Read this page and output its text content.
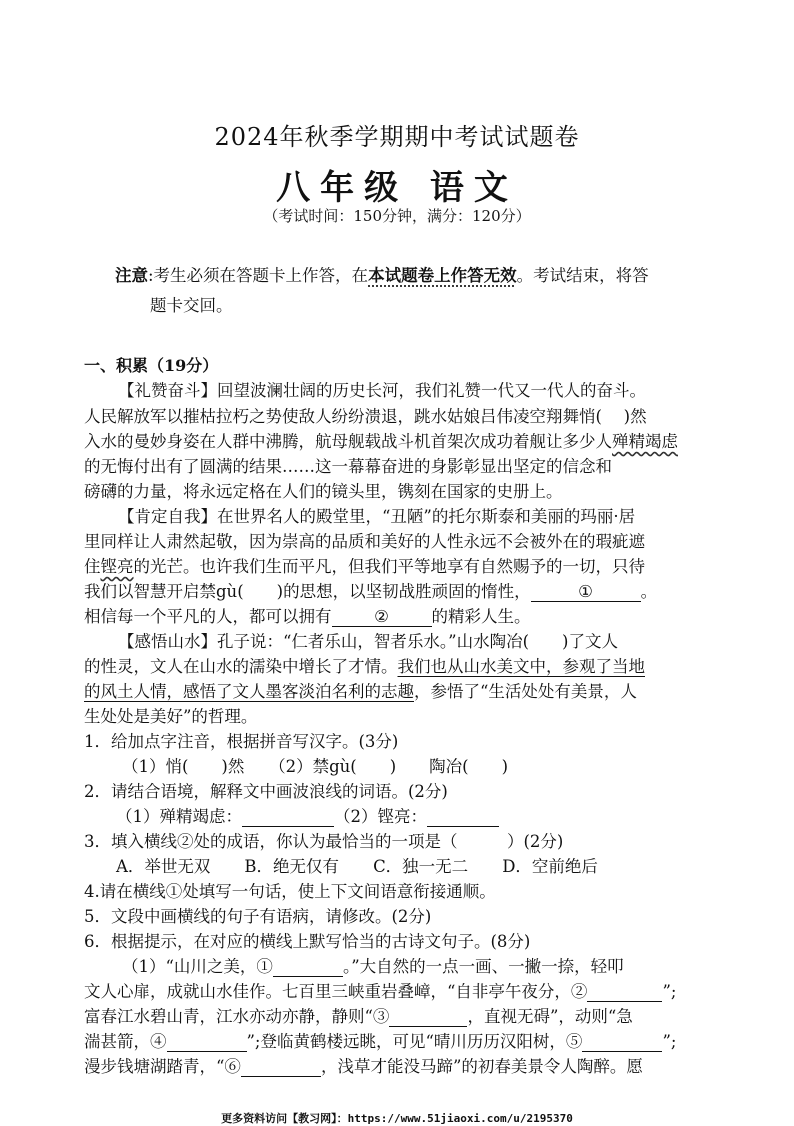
2024年秋季学期期中考试试题卷
八年级 语文
（考试时间：150分钟，满分：120分）
注意:考生必须在答题卡上作答，在本试题卷上作答无效。考试结束，将答
题卡交回。
一、积累（19分）
【礼赞奋斗】回望波澜壮阔的历史长河，我们礼赞一代又一代人的奋斗。
人民解放军以摧枯拉朽之势使敌人纷纷溃退，跳水姑娘吕伟凌空翔舞悄(　 )然
入水的曼妙身姿在人群中沸腾，航母舰载战斗机首架次成功着舰让多少人殚精竭虑
的无悔付出有了圆满的结果……这一幕幕奋进的身影彰显出坚定的信念和
磅礴的力量，将永远定格在人们的镜头里，镌刻在国家的史册上。
【肯定自我】在世界名人的殿堂里，“丑陋”的托尔斯泰和美丽的玛丽·居
里同样让人肃然起敬，因为崇高的品质和美好的人性永远不会被外在的瑕疵遮
住铿亮的光芒。也许我们生而平凡，但我们平等地享有自然赐予的一切，只待
我们以智慧开启禁gù(　　)的思想，以坚韧战胜顽固的惰性，	①	。
相信每一个平凡的人，都可以拥有	②	的精彩人生。
【感悟山水】孔子说：“仁者乐山，智者乐水。”山水陶冶(　　)了文人
的性灵，文人在山水的濡染中增长了才情。我们也从山水美文中，参观了当地
的风土人情，感悟了文人墨客淡泊名利的志趣，参悟了“生活处处有美景，人
生处处是美好”的哲理。
1．给加点字注音，根据拼音写汉字。(3分)
（1）悄(　　)然　　（2）禁gù(　　)　　陶冶(　　)
2．请结合语境，解释文中画波浪线的词语。(2分)
（1）殚精竭虑：	（2）铿亮：
3．填入横线②处的成语，你认为最恰当的一项是（　　　）(2分)
A．举世无双 B．绝无仅有 C．独一无二 D．空前绝后
4.请在横线①处填写一句话，使上下文间语意衔接通顺。
5．文段中画横线的句子有语病，请修改。(2分)
6．根据提示，在对应的横线上默写恰当的古诗文句子。(8分)
（1）“山川之美，①	。”大自然的一点一画、一撇一捺，轻叩
文人心扉，成就山水佳作。七百里三峡重岩叠嶂，“自非亭午夜分，②	”;
富春江水碧山青，江水亦动亦静，静则“③	，直视无碍”，动则“急
湍甚箭，④	”;登临黄鹤楼远眺，可见“晴川历历汉阳树，⑤	”;
漫步钱塘湖踏青，“⑥	，浅草才能没马蹄”的初春美景令人陶醉。愿
更多资料访问【教习网】：https://www.51jiaoxi.com/u/2195370
